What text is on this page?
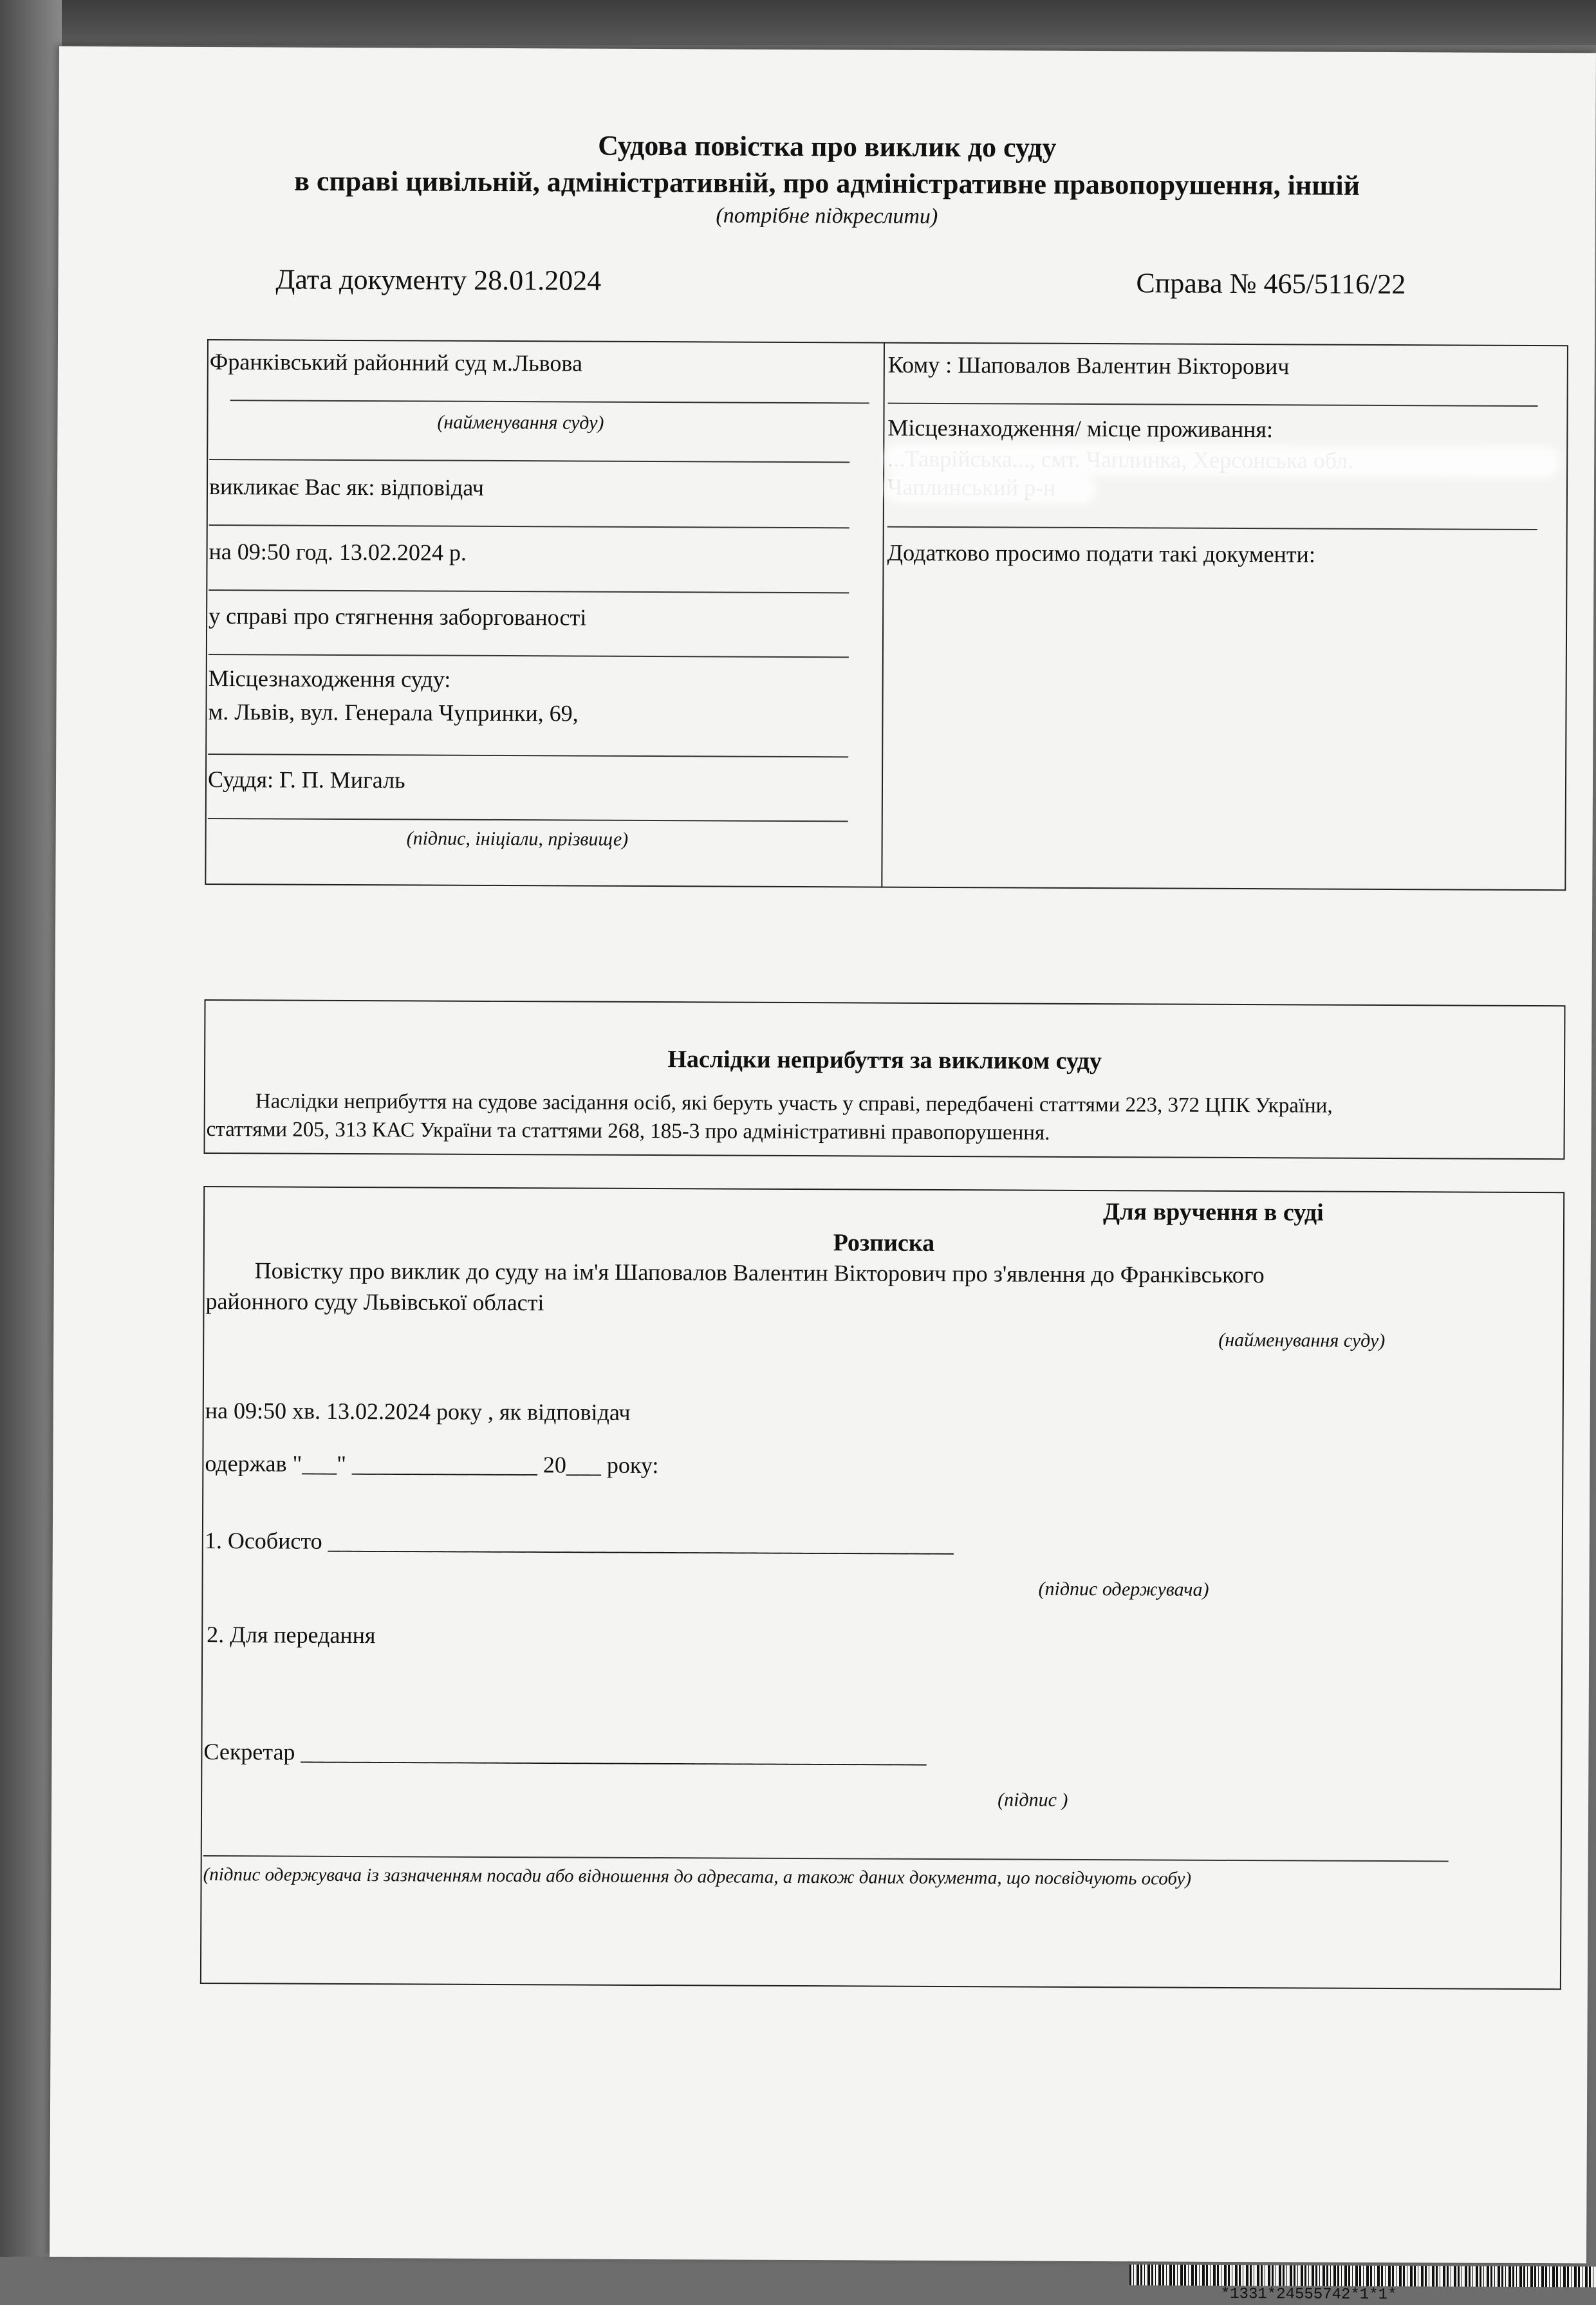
Судова повістка про виклик до суду
в справі цивільній, адміністративній, про адміністративне правопорушення, іншій
(потрібне підкреслити)
Дата документу 28.01.2024	Справа № 465/5116/22
Франківський районний суд м.Львова
(найменування суду)
викликає Вас як: відповідач
на 09:50 год. 13.02.2024 р.
у справі про стягнення заборгованості
Місцезнаходження суду:
м. Львів, вул. Генерала Чупринки, 69,
Суддя: Г. П. Мигаль
(підпис, ініціали, прізвище)
Кому : Шаповалов Валентин Вікторович
Місцезнаходження/ місце проживання:
Додатково просимо подати такі документи:
Наслідки неприбуття за викликом суду
Наслідки неприбуття на судове засідання осіб, які беруть участь у справі, передбачені статтями 223, 372 ЦПК України,
статтями 205, 313 КАС України та статтями 268, 185-3 про адміністративні правопорушення.
Для вручення в суді
Розписка
Повістку про виклик до суду на ім'я Шаповалов Валентин Вікторович про з'явлення до Франківського
районного суду Львівської області
(найменування суду)
на 09:50 хв. 13.02.2024 року , як відповідач
одержав "___" ________________ 20___ року:
1. Особисто ______________________________________________________
(підпис одержувача)
2. Для передання
Секретар ______________________________________________________
(підпис )
(підпис одержувача із зазначенням посади або відношення до адресата, а також даних документа, що посвідчують особу)
*1331*24555742*1*1*
